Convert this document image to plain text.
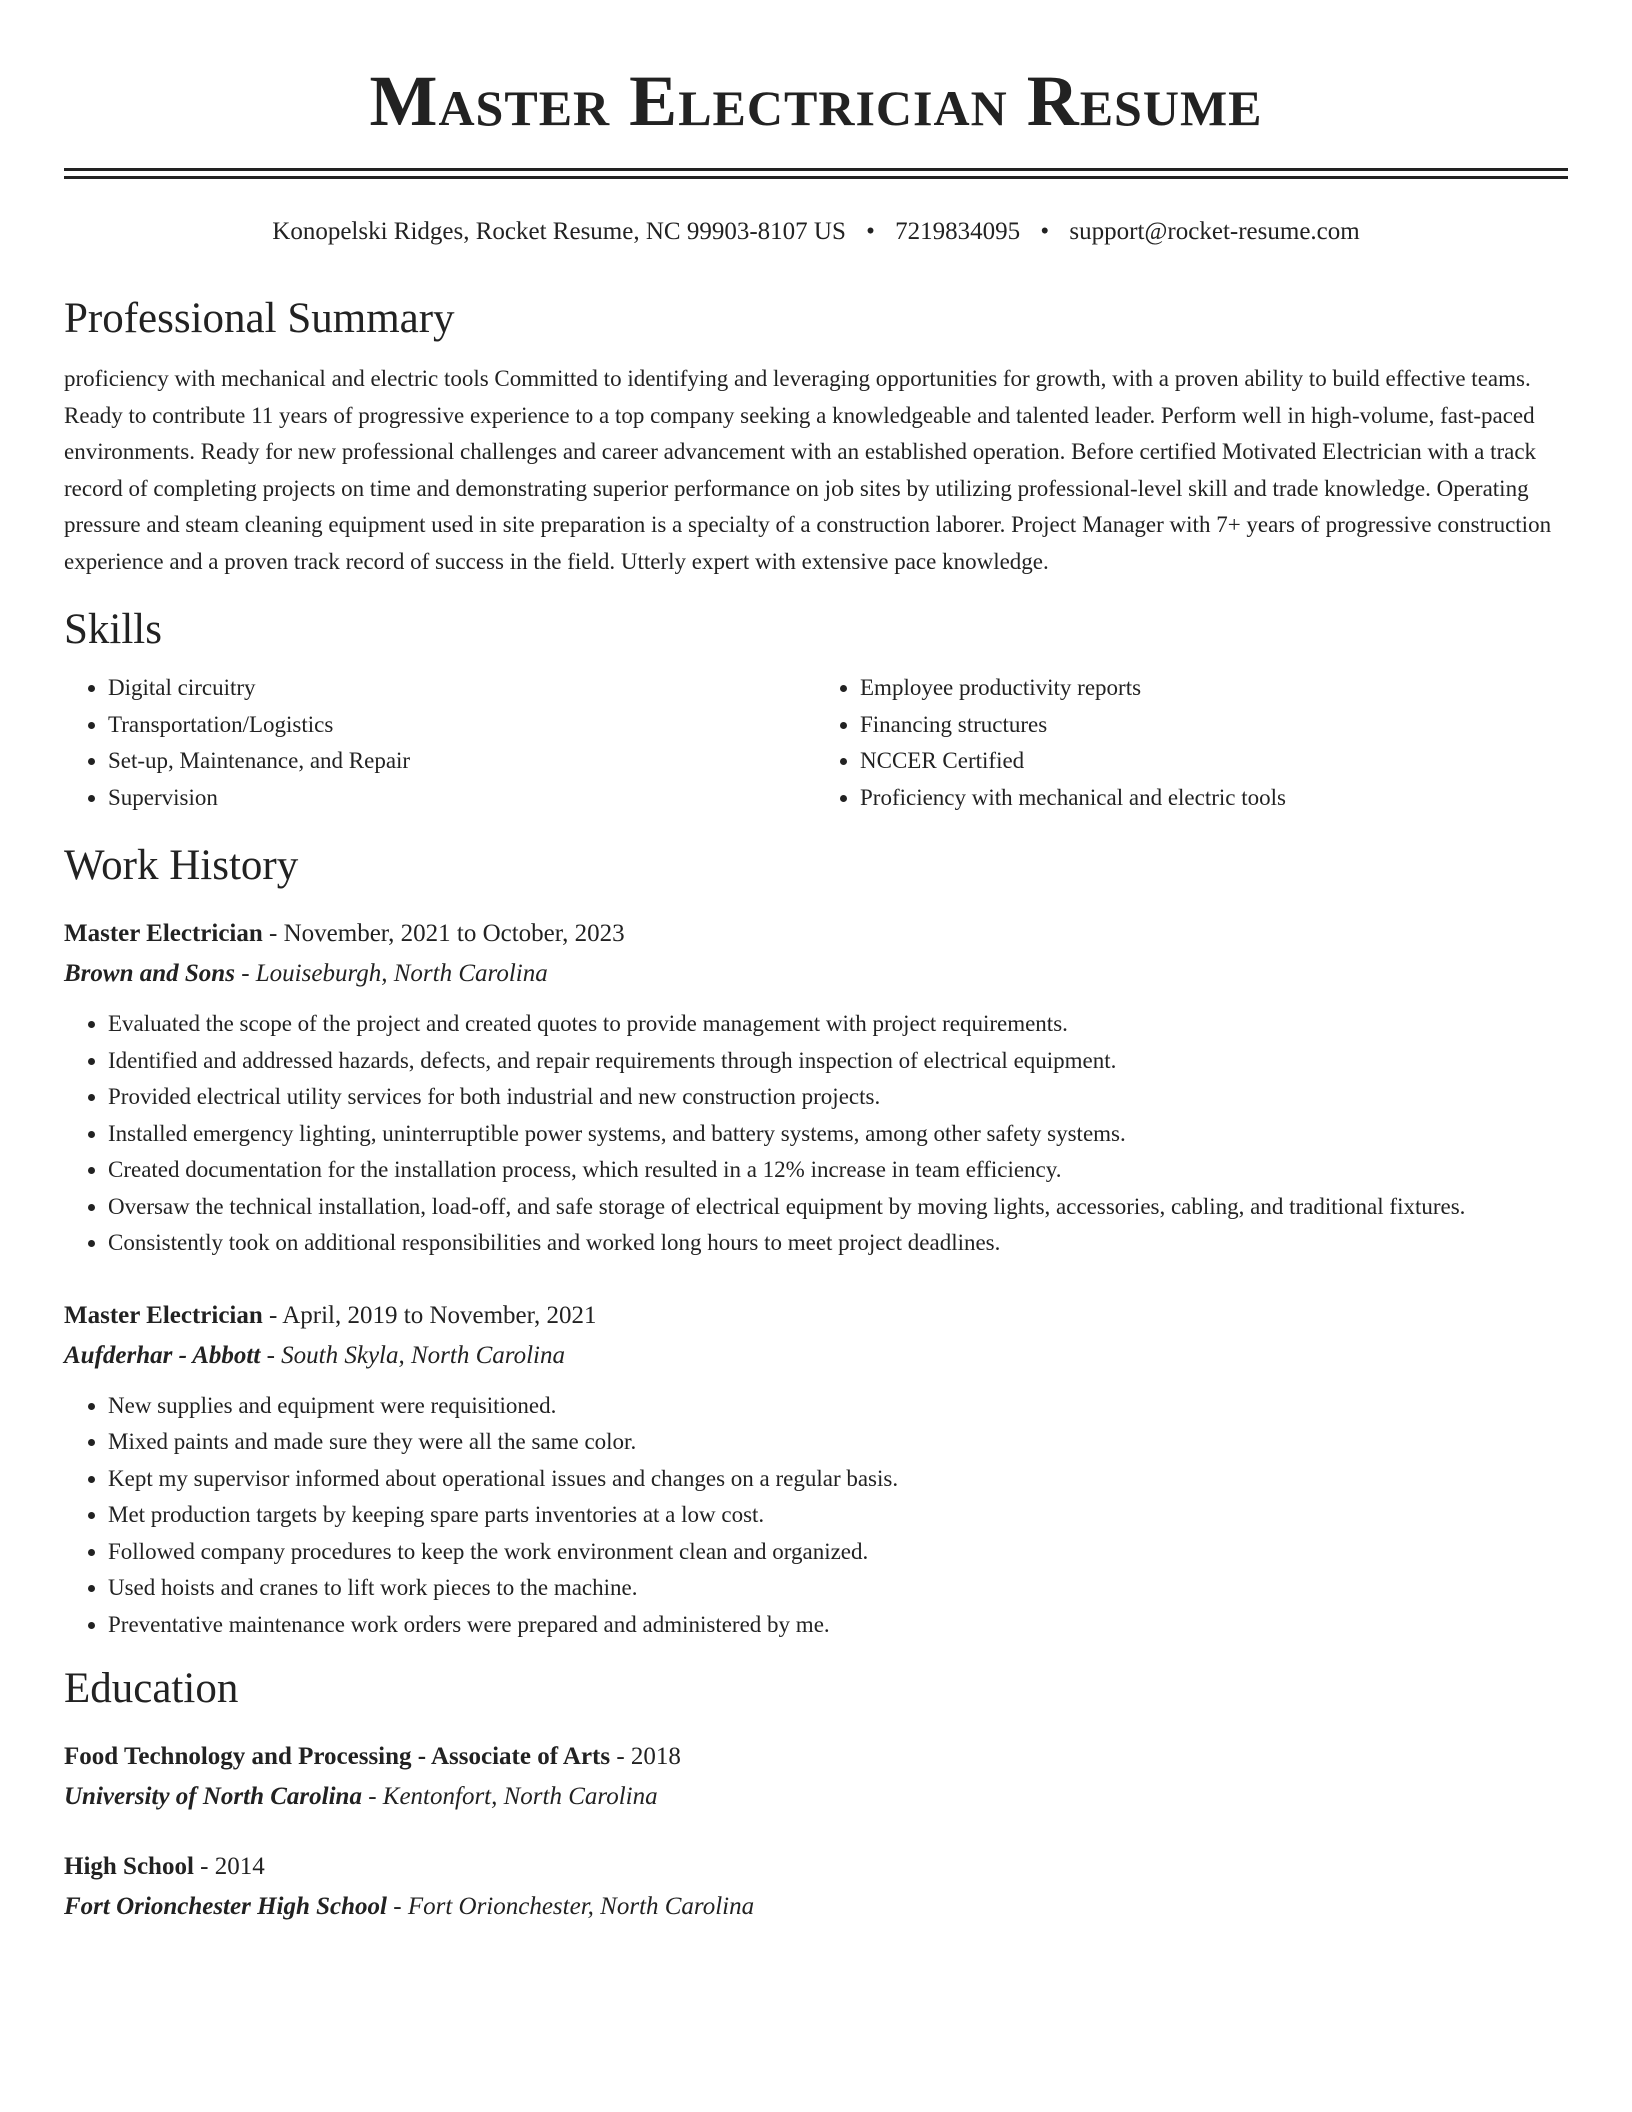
Master Electrician Resume
Konopelski Ridges, Rocket Resume, NC 99903-8107 US • 7219834095 • support@rocket-resume.com
Professional Summary

proficiency with mechanical and electric tools Committed to identifying and leveraging opportunities for growth, with a proven ability to build effective teams. Ready to contribute 11 years of progressive experience to a top company seeking a knowledgeable and talented leader. Perform well in high-volume, fast-paced environments. Ready for new professional challenges and career advancement with an established operation. Before certified Motivated Electrician with a track record of completing projects on time and demonstrating superior performance on job sites by utilizing professional-level skill and trade knowledge. Operating pressure and steam cleaning equipment used in site preparation is a specialty of a construction laborer. Project Manager with 7+ years of progressive construction experience and a proven track record of success in the field. Utterly expert with extensive pace knowledge.

Skills
• Digital circuitry
• Transportation/Logistics
• Set-up, Maintenance, and Repair
• Supervision
• Employee productivity reports
• Financing structures
• NCCER Certified
• Proficiency with mechanical and electric tools
Work History
Master Electrician - November, 2021 to October, 2023
Brown and Sons - Louiseburgh, North Carolina
• Evaluated the scope of the project and created quotes to provide management with project requirements.
• Identified and addressed hazards, defects, and repair requirements through inspection of electrical equipment.
• Provided electrical utility services for both industrial and new construction projects.
• Installed emergency lighting, uninterruptible power systems, and battery systems, among other safety systems.
• Created documentation for the installation process, which resulted in a 12% increase in team efficiency.
• Oversaw the technical installation, load-off, and safe storage of electrical equipment by moving lights, accessories, cabling, and traditional fixtures.
• Consistently took on additional responsibilities and worked long hours to meet project deadlines.
Master Electrician - April, 2019 to November, 2021
Aufderhar - Abbott - South Skyla, North Carolina
• New supplies and equipment were requisitioned.
• Mixed paints and made sure they were all the same color.
• Kept my supervisor informed about operational issues and changes on a regular basis.
• Met production targets by keeping spare parts inventories at a low cost.
• Followed company procedures to keep the work environment clean and organized.
• Used hoists and cranes to lift work pieces to the machine.
• Preventative maintenance work orders were prepared and administered by me.
Education
Food Technology and Processing - Associate of Arts - 2018
University of North Carolina - Kentonfort, North Carolina
High School - 2014
Fort Orionchester High School - Fort Orionchester, North Carolina
